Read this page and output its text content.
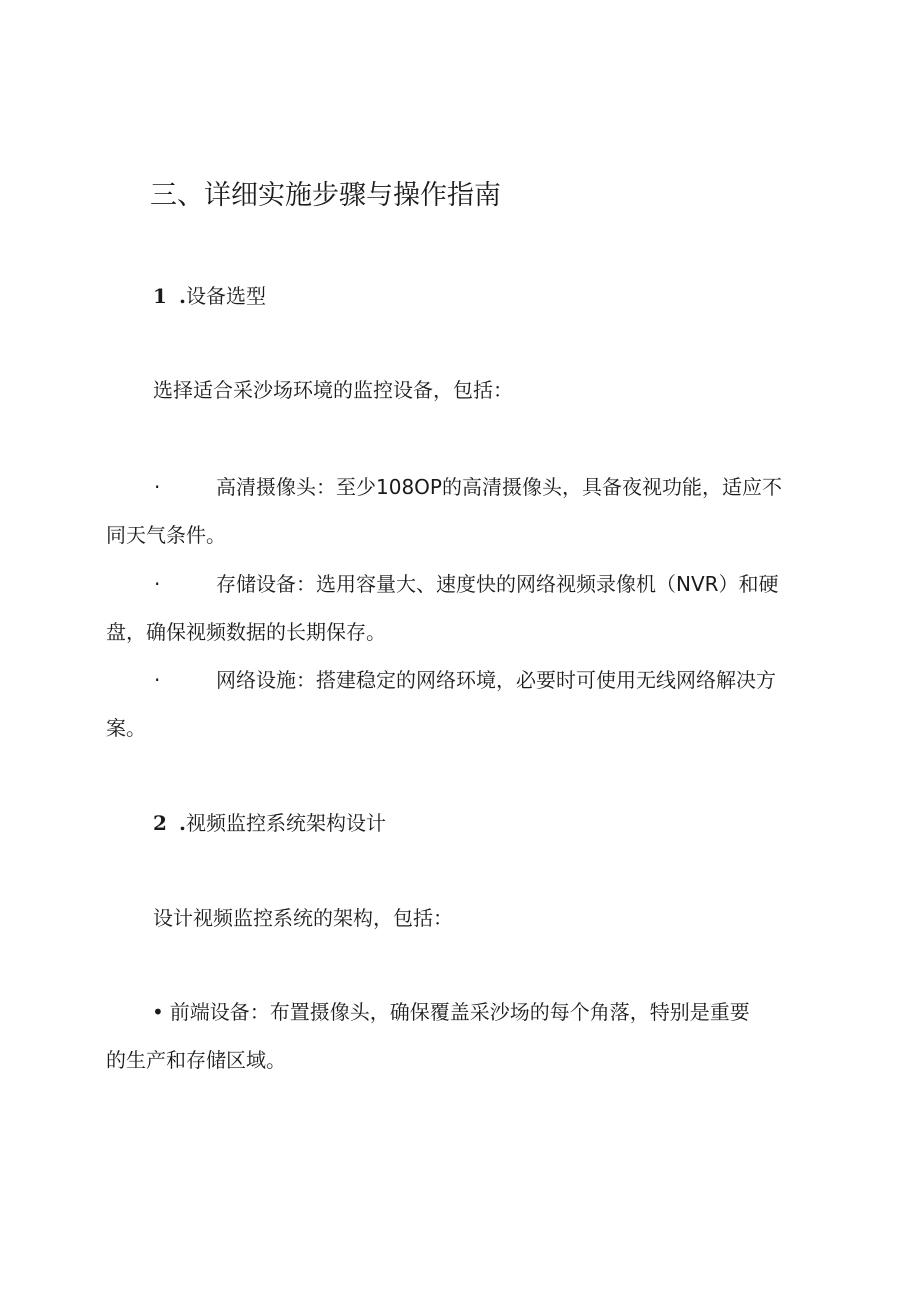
三、详细实施步骤与操作指南
1 .设备选型

选择适合采沙场环境的监控设备，包括：

·	高清摄像头：至少108OP的高清摄像头，具备夜视功能，适应不
同天气条件。
·	存储设备：选用容量大、速度快的网络视频录像机（NVR）和硬
盘，确保视频数据的长期保存。
·	网络设施：搭建稳定的网络环境，必要时可使用无线网络解决方
案。
2 .视频监控系统架构设计

设计视频监控系统的架构，包括：

• 前端设备：布置摄像头，确保覆盖采沙场的每个角落，特别是重要
的生产和存储区域。
